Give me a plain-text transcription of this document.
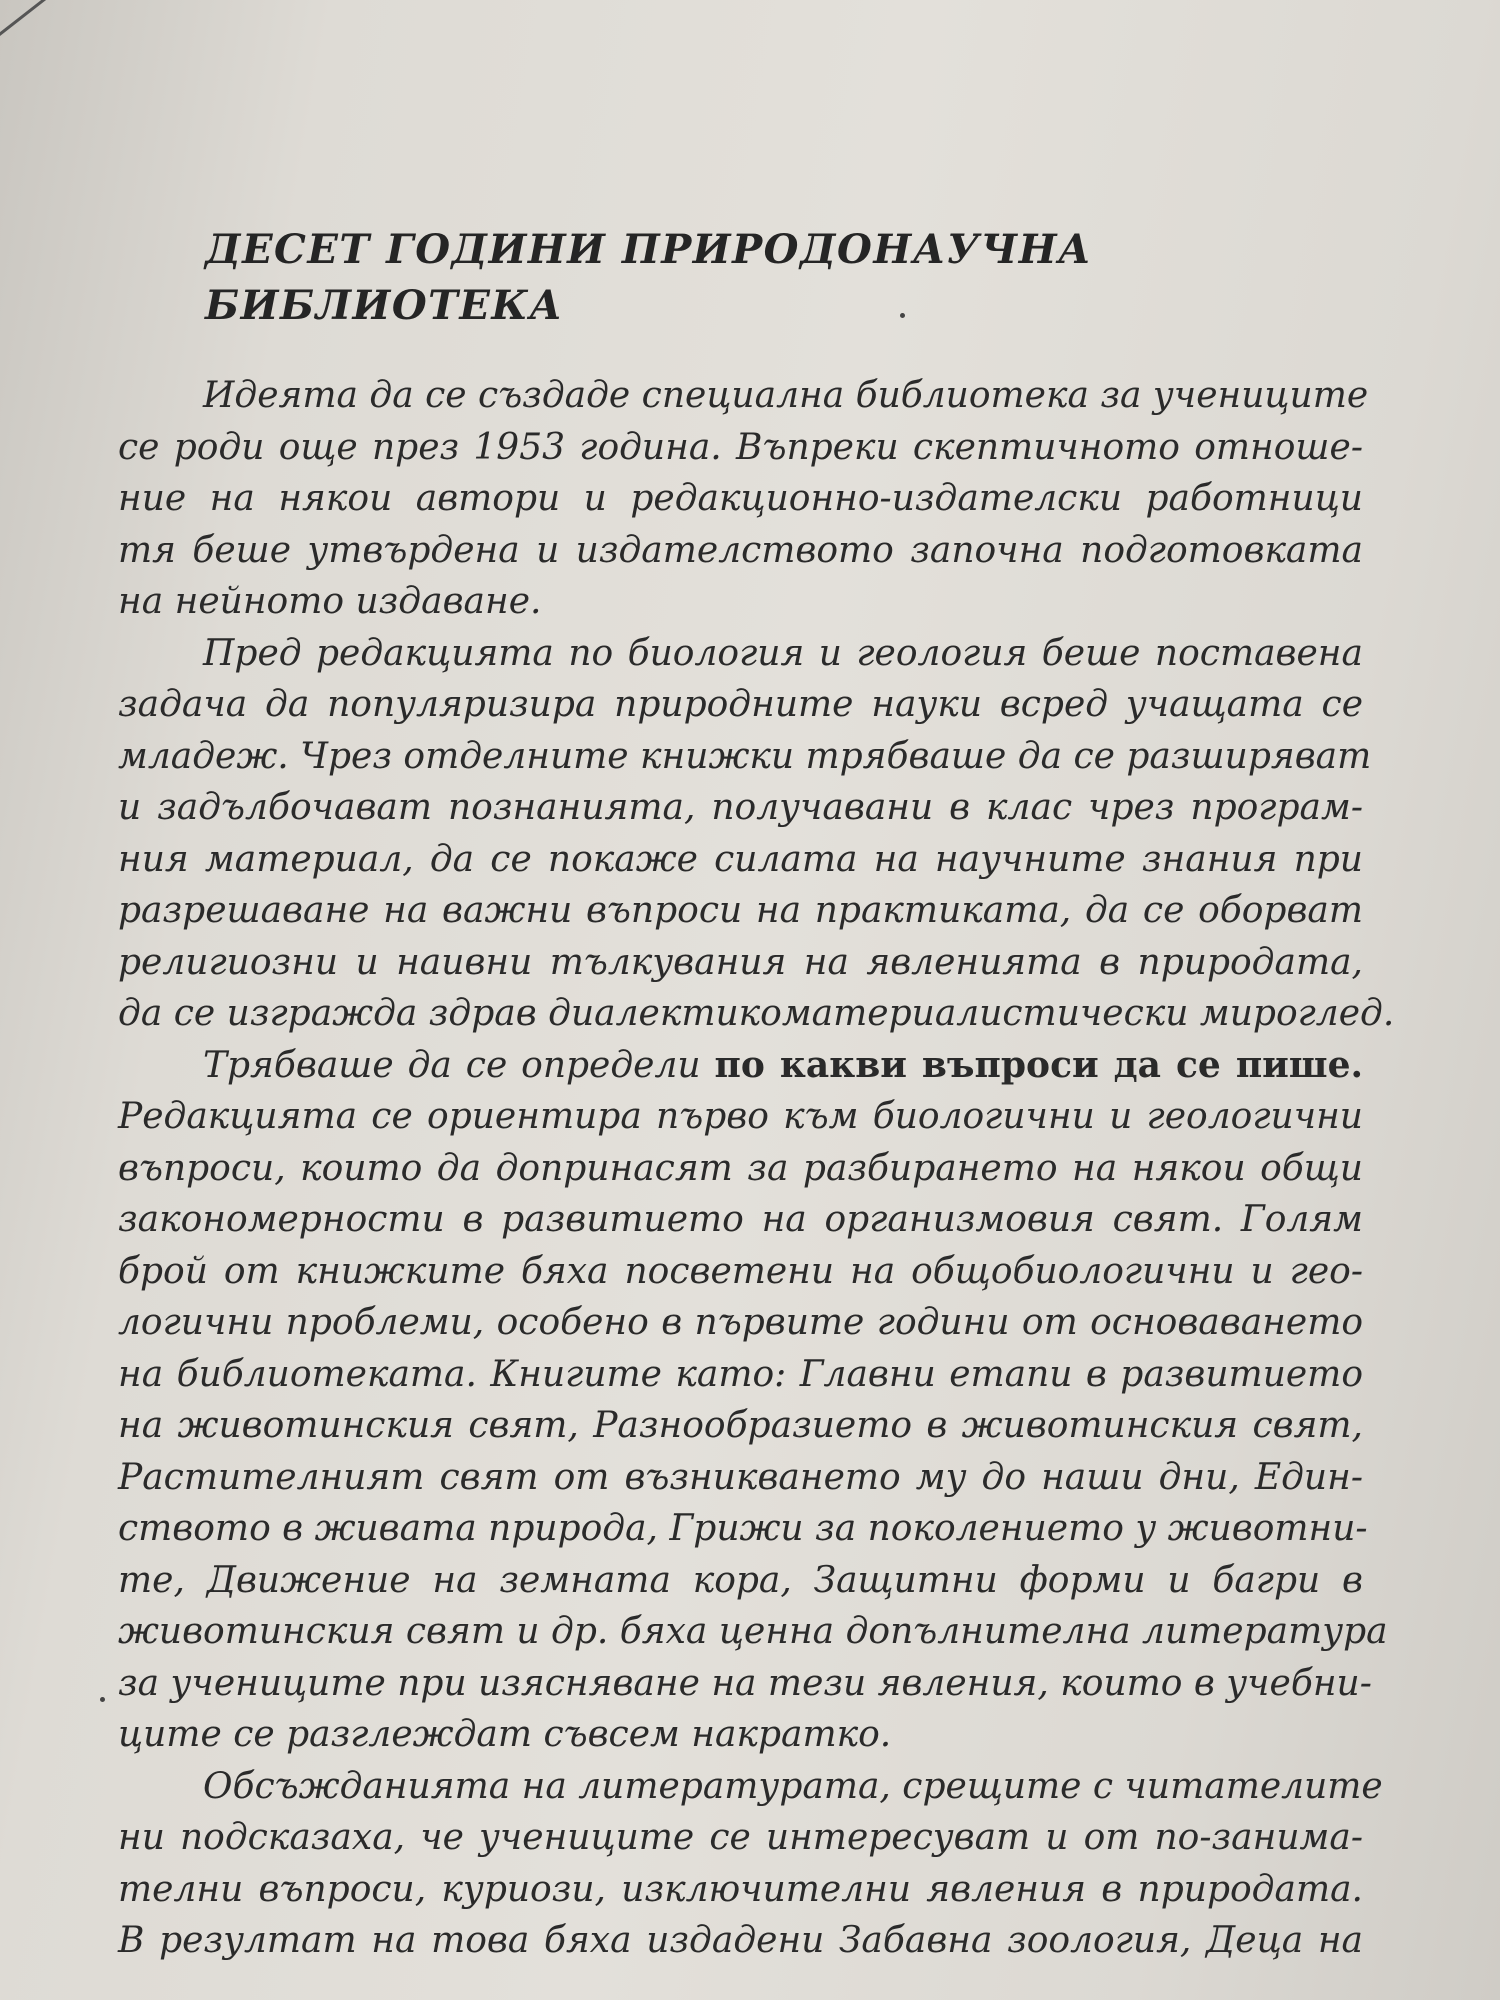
ДЕСЕТ ГОДИНИ ПРИРОДОНАУЧНА
БИБЛИОТЕКА
Идеята да се създаде специална библиотека за учениците
се роди още през 1953 година. Въпреки скептичното отноше-
ние на някои автори и редакционно-издателски работници
тя беше утвърдена и издателството започна подготовката
на нейното издаване.
Пред редакцията по биология и геология беше поставена
задача да популяризира природните науки всред учащата се
младеж. Чрез отделните книжки трябваше да се разширяват
и задълбочават познанията, получавани в клас чрез програм-
ния материал, да се покаже силата на научните знания при
разрешаване на важни въпроси на практиката, да се оборват
религиозни и наивни тълкувания на явленията в природата,
да се изгражда здрав диалектикоматериалистически мироглед.
Трябваше да се определи по какви въпроси да се пише.
Редакцията се ориентира първо към биологични и геологични
въпроси, които да допринасят за разбирането на някои общи
закономерности в развитието на организмовия свят. Голям
брой от книжките бяха посветени на общобиологични и гео-
логични проблеми, особено в първите години от основаването
на библиотеката. Книгите като: Главни етапи в развитието
на животинския свят, Разнообразието в животинския свят,
Растителният свят от възникването му до наши дни, Един-
ството в живата природа, Грижи за поколението у животни-
те, Движение на земната кора, Защитни форми и багри в
животинския свят и др. бяха ценна допълнителна литература
за учениците при изясняване на тези явления, които в учебни-
ците се разглеждат съвсем накратко.
Обсъжданията на литературата, срещите с читателите
ни подсказаха, че учениците се интересуват и от по-занима-
телни въпроси, куриози, изключителни явления в природата.
В резултат на това бяха издадени Забавна зоология, Деца на
